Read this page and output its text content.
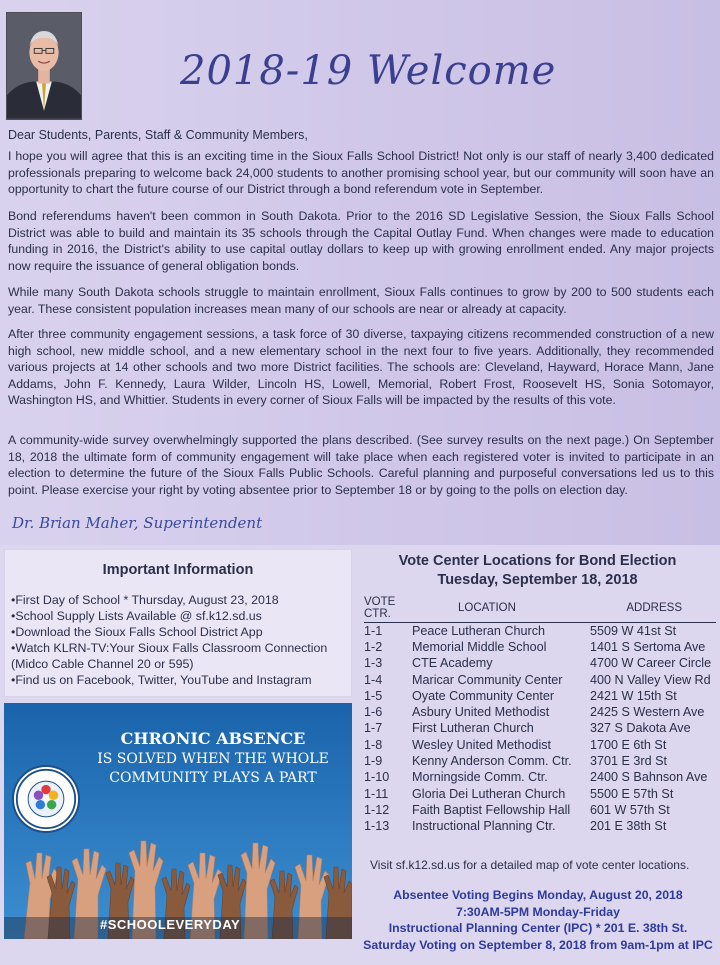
2018-19 Welcome
Dear Students, Parents, Staff & Community Members,

I hope you will agree that this is an exciting time in the Sioux Falls School District! Not only is our staff of nearly 3,400 dedicated professionals preparing to welcome back 24,000 students to another promising school year, but our community will soon have an opportunity to chart the future course of our District through a bond referendum vote in September.

Bond referendums haven't been common in South Dakota. Prior to the 2016 SD Legislative Session, the Sioux Falls School District was able to build and maintain its 35 schools through the Capital Outlay Fund. When changes were made to education funding in 2016, the District's ability to use capital outlay dollars to keep up with growing enrollment ended. Any major projects now require the issuance of general obligation bonds.

While many South Dakota schools struggle to maintain enrollment, Sioux Falls continues to grow by 200 to 500 students each year. These consistent population increases mean many of our schools are near or already at capacity.

After three community engagement sessions, a task force of 30 diverse, taxpaying citizens recommended construction of a new high school, new middle school, and a new elementary school in the next four to five years. Additionally, they recommended various projects at 14 other schools and two more District facilities. The schools are: Cleveland, Hayward, Horace Mann, Jane Addams, John F. Kennedy, Laura Wilder, Lincoln HS, Lowell, Memorial, Robert Frost, Roosevelt HS, Sonia Sotomayor, Washington HS, and Whittier. Students in every corner of Sioux Falls will be impacted by the results of this vote.

A community-wide survey overwhelmingly supported the plans described. (See survey results on the next page.) On September 18, 2018 the ultimate form of community engagement will take place when each registered voter is invited to participate in an election to determine the future of the Sioux Falls Public Schools. Careful planning and purposeful conversations led us to this point. Please exercise your right by voting absentee prior to September 18 or by going to the polls on election day.

Dr. Brian Maher, Superintendent
Important Information
•First Day of School * Thursday, August 23, 2018
•School Supply Lists Available @ sf.k12.sd.us
•Download the Sioux Falls School District App
•Watch KLRN-TV:Your Sioux Falls Classroom Connection (Midco Cable Channel 20 or 595)
•Find us on Facebook, Twitter, YouTube and Instagram
CHRONIC ABSENCE
IS SOLVED WHEN THE WHOLE COMMUNITY PLAYS A PART
#SCHOOLEVERYDAY
Vote Center Locations for Bond Election
Tuesday, September 18, 2018
VOTE CTR.	LOCATION	ADDRESS
1-1	Peace Lutheran Church	5509 W 41st St
1-2	Memorial Middle School	1401 S Sertoma Ave
1-3	CTE Academy	4700 W Career Circle
1-4	Maricar Community Center	400 N Valley View Rd
1-5	Oyate Community Center	2421 W 15th St
1-6	Asbury United Methodist	2425 S Western Ave
1-7	First Lutheran Church	327 S Dakota Ave
1-8	Wesley United Methodist	1700 E 6th St
1-9	Kenny Anderson Comm. Ctr.	3701 E 3rd St
1-10	Morningside Comm. Ctr.	2400 S Bahnson Ave
1-11	Gloria Dei Lutheran Church	5500 E 57th St
1-12	Faith Baptist Fellowship Hall	601 W 57th St
1-13	Instructional Planning Ctr.	201 E 38th St
Visit sf.k12.sd.us for a detailed map of vote center locations.
Absentee Voting Begins Monday, August 20, 2018
7:30AM-5PM Monday-Friday
Instructional Planning Center (IPC) * 201 E. 38th St.
Saturday Voting on September 8, 2018 from 9am-1pm at IPC
